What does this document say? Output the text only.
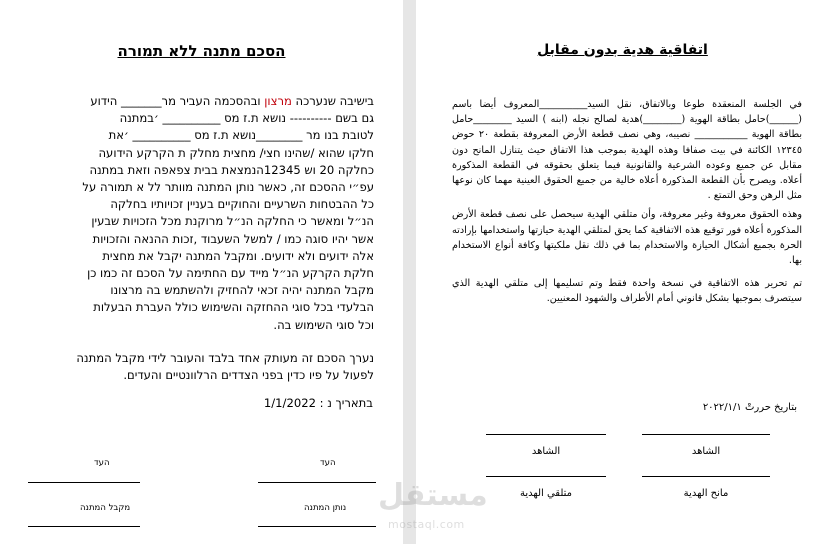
הסכם מתנה ללא תמורה

בישיבה שנערכה מרצון ובהסכמה העביר מר_______ הידוע

גם בשם ---------- נושא ת.ז מס __________ ׳במתנה

לטובת בנו מר ________נושא ת.ז מס __________ ׳את

חלקו שהוא /שהינו חצי/ מחצית מחלק ת הקרקע הידועה

כחלקה 20 וש 12345הנמצאת בבית צפאפה וזאת במתנה

עפ״י ההסכם זה, כאשר נותן המתנה מוותר לל א תמורה על

כל ההבטחות השרעיים והחוקיים בעניין זכויותיו בחלקה

הנ״ל ומאשר כי החלקה הנ״ל מרוקנת מכל הזכויות שבעין

אשר יהיו סוגה כמו / למשל השעבוד ,זכות ההנאה והזכויות

אלה ידועים ולא ידועים. ומקבל המתנה יקבל את מחצית

חלקת הקרקע הנ״ל מייד עם החתימה על הסכם זה כמו כן

מקבל המתנה יהיה זכאי להחזיק ולהשתמש בה מרצונו

הבלעדי בכל סוגי ההחזקה והשימוש כולל העברת הבעלות

וכל סוגי השימוש בה.

נערך הסכם זה מעותק אחד בלבד והעובר לידי מקבל המתנה
לפעול על פיו כדין בפני הצדדים הרלוונטיים והעדים.
בתאריך נ : 1/1/2022
העד
העד
נותן המתנה
מקבל המתנה
اتفاقية هدية بدون مقابل

في الجلسة المنعقدة طوعا وبالاتفاق، نقل السيد__________المعروف أيضا باسم (______)حامل بطاقة الهوية (________)هدية لصالح نجله (ابنه ) السيد ________حامل بطاقة الهوية ___________ نصيبه، وهي نصف قطعة الأرض المعروفة بقطعة ٢٠ حوض ١٢٣٤٥ الكائنة في بيت صفافا وهذه الهدية بموجب هذا الاتفاق حيث يتنازل المانح دون مقابل عن جميع وعوده الشرعية والقانونية فيما يتعلق بحقوقه في القطعة المذكورة أعلاه. ويصرح بأن القطعة المذكورة أعلاه خالية من جميع الحقوق العينية مهما كان نوعها مثل الرهن وحق التمتع .

وهذه الحقوق معروفة وغير معروفة، وأن متلقي الهدية سيحصل على نصف قطعة الأرض المذكورة أعلاه فور توقيع هذه الاتفاقية كما يحق لمتلقي الهدية حيازتها واستخدامها بإرادته الحرة بجميع أشكال الحيازة والاستخدام بما في ذلك نقل ملكيتها وكافة أنواع الاستخدام بها.

تم تحرير هذه الاتفاقية في نسخة واحدة فقط وتم تسليمها إلى متلقي الهدية الذي سيتصرف بموجبها بشكل قانوني أمام الأطراف والشهود المعنيين.

بتاريخ حررتْ ٢٠٢٢/١/١
الشاهد
الشاهد
مانح الهدية
متلقي الهدية
مستقل
mostaql.com
